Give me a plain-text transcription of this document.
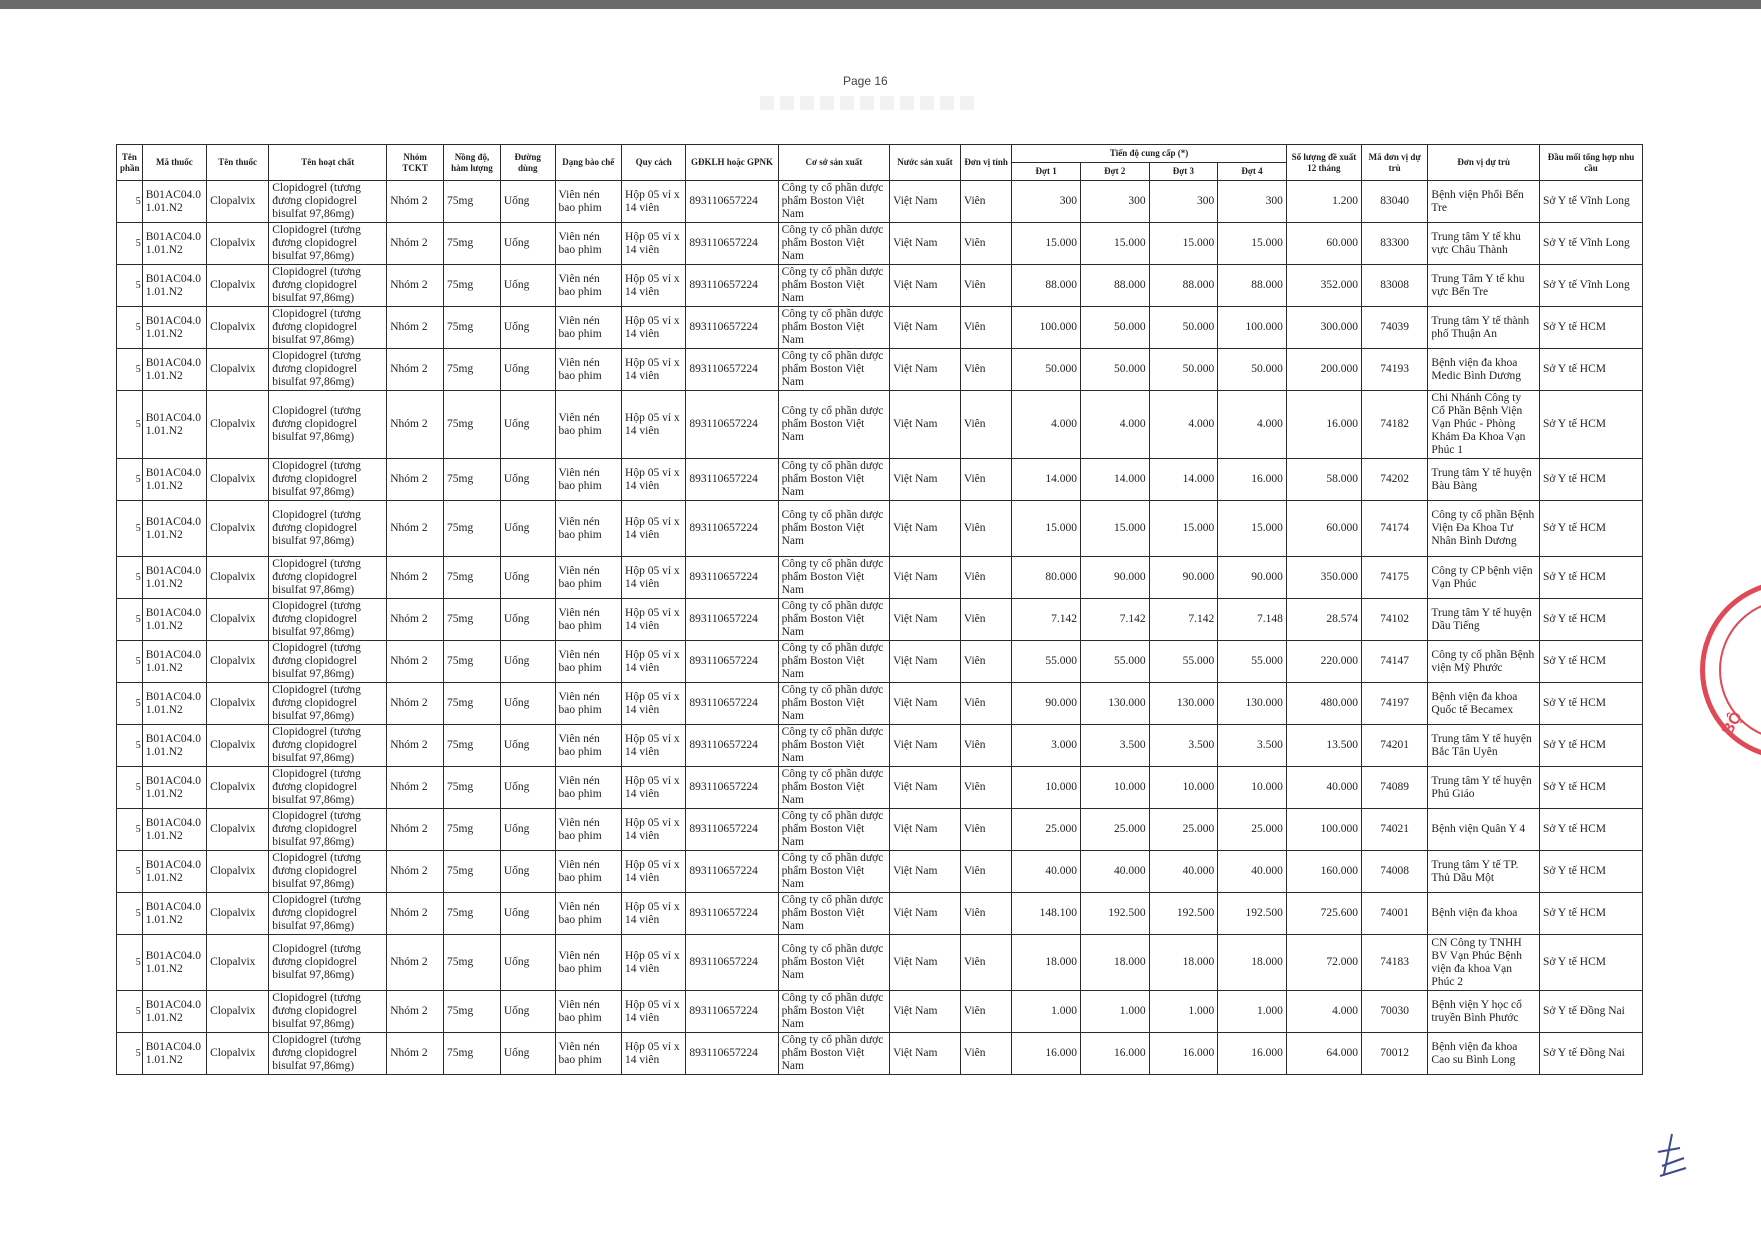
Page 16
Tên phần	Mã thuốc	Tên thuốc	Tên hoạt chất	Nhóm TCKT	Nồng độ, hàm lượng	Đường dùng	Dạng bào chế	Quy cách	GĐKLH hoặc GPNK	Cơ sở sản xuất	Nước sản xuất	Đơn vị tính	Tiến độ cung cấp (*)				Số lượng đề xuất 12 tháng	Mã đơn vị dự trù	Đơn vị dự trù	Đầu mối tổng hợp nhu cầu
													Đợt 1	Đợt 2	Đợt 3	Đợt 4				
5	B01AC04.0 1.01.N2	Clopalvix	Clopidogrel (tương đương clopidogrel bisulfat 97,86mg)	Nhóm 2	75mg	Uống	Viên nén bao phim	Hộp 05 vỉ x 14 viên	893110657224	Công ty cổ phần dược phẩm Boston Việt Nam	Việt Nam	Viên	300	300	300	300	1.200	83040	Bệnh viện Phổi Bến Tre	Sở Y tế Vĩnh Long
5	B01AC04.0 1.01.N2	Clopalvix	Clopidogrel (tương đương clopidogrel bisulfat 97,86mg)	Nhóm 2	75mg	Uống	Viên nén bao phim	Hộp 05 vỉ x 14 viên	893110657224	Công ty cổ phần dược phẩm Boston Việt Nam	Việt Nam	Viên	15.000	15.000	15.000	15.000	60.000	83300	Trung tâm Y tế khu vực Châu Thành	Sở Y tế Vĩnh Long
5	B01AC04.0 1.01.N2	Clopalvix	Clopidogrel (tương đương clopidogrel bisulfat 97,86mg)	Nhóm 2	75mg	Uống	Viên nén bao phim	Hộp 05 vỉ x 14 viên	893110657224	Công ty cổ phần dược phẩm Boston Việt Nam	Việt Nam	Viên	88.000	88.000	88.000	88.000	352.000	83008	Trung Tâm Y tế khu vực Bến Tre	Sở Y tế Vĩnh Long
5	B01AC04.0 1.01.N2	Clopalvix	Clopidogrel (tương đương clopidogrel bisulfat 97,86mg)	Nhóm 2	75mg	Uống	Viên nén bao phim	Hộp 05 vỉ x 14 viên	893110657224	Công ty cổ phần dược phẩm Boston Việt Nam	Việt Nam	Viên	100.000	50.000	50.000	100.000	300.000	74039	Trung tâm Y tế thành phố Thuận An	Sở Y tế HCM
5	B01AC04.0 1.01.N2	Clopalvix	Clopidogrel (tương đương clopidogrel bisulfat 97,86mg)	Nhóm 2	75mg	Uống	Viên nén bao phim	Hộp 05 vỉ x 14 viên	893110657224	Công ty cổ phần dược phẩm Boston Việt Nam	Việt Nam	Viên	50.000	50.000	50.000	50.000	200.000	74193	Bệnh viện đa khoa Medic Bình Dương	Sở Y tế HCM
5	B01AC04.0 1.01.N2	Clopalvix	Clopidogrel (tương đương clopidogrel bisulfat 97,86mg)	Nhóm 2	75mg	Uống	Viên nén bao phim	Hộp 05 vỉ x 14 viên	893110657224	Công ty cổ phần dược phẩm Boston Việt Nam	Việt Nam	Viên	4.000	4.000	4.000	4.000	16.000	74182	Chi Nhánh Công ty Cổ Phần Bệnh Viện Vạn Phúc - Phòng Khám Đa Khoa Vạn Phúc 1	Sở Y tế HCM
5	B01AC04.0 1.01.N2	Clopalvix	Clopidogrel (tương đương clopidogrel bisulfat 97,86mg)	Nhóm 2	75mg	Uống	Viên nén bao phim	Hộp 05 vỉ x 14 viên	893110657224	Công ty cổ phần dược phẩm Boston Việt Nam	Việt Nam	Viên	14.000	14.000	14.000	16.000	58.000	74202	Trung tâm Y tế huyện Bàu Bàng	Sở Y tế HCM
5	B01AC04.0 1.01.N2	Clopalvix	Clopidogrel (tương đương clopidogrel bisulfat 97,86mg)	Nhóm 2	75mg	Uống	Viên nén bao phim	Hộp 05 vỉ x 14 viên	893110657224	Công ty cổ phần dược phẩm Boston Việt Nam	Việt Nam	Viên	15.000	15.000	15.000	15.000	60.000	74174	Công ty cổ phần Bệnh Viện Đa Khoa Tư Nhân Bình Dương	Sở Y tế HCM
5	B01AC04.0 1.01.N2	Clopalvix	Clopidogrel (tương đương clopidogrel bisulfat 97,86mg)	Nhóm 2	75mg	Uống	Viên nén bao phim	Hộp 05 vỉ x 14 viên	893110657224	Công ty cổ phần dược phẩm Boston Việt Nam	Việt Nam	Viên	80.000	90.000	90.000	90.000	350.000	74175	Công ty CP bệnh viện Vạn Phúc	Sở Y tế HCM
5	B01AC04.0 1.01.N2	Clopalvix	Clopidogrel (tương đương clopidogrel bisulfat 97,86mg)	Nhóm 2	75mg	Uống	Viên nén bao phim	Hộp 05 vỉ x 14 viên	893110657224	Công ty cổ phần dược phẩm Boston Việt Nam	Việt Nam	Viên	7.142	7.142	7.142	7.148	28.574	74102	Trung tâm Y tế huyện Dầu Tiếng	Sở Y tế HCM
5	B01AC04.0 1.01.N2	Clopalvix	Clopidogrel (tương đương clopidogrel bisulfat 97,86mg)	Nhóm 2	75mg	Uống	Viên nén bao phim	Hộp 05 vỉ x 14 viên	893110657224	Công ty cổ phần dược phẩm Boston Việt Nam	Việt Nam	Viên	55.000	55.000	55.000	55.000	220.000	74147	Công ty cổ phần Bệnh viện Mỹ Phước	Sở Y tế HCM
5	B01AC04.0 1.01.N2	Clopalvix	Clopidogrel (tương đương clopidogrel bisulfat 97,86mg)	Nhóm 2	75mg	Uống	Viên nén bao phim	Hộp 05 vỉ x 14 viên	893110657224	Công ty cổ phần dược phẩm Boston Việt Nam	Việt Nam	Viên	90.000	130.000	130.000	130.000	480.000	74197	Bệnh viện đa khoa Quốc tế Becamex	Sở Y tế HCM
5	B01AC04.0 1.01.N2	Clopalvix	Clopidogrel (tương đương clopidogrel bisulfat 97,86mg)	Nhóm 2	75mg	Uống	Viên nén bao phim	Hộp 05 vỉ x 14 viên	893110657224	Công ty cổ phần dược phẩm Boston Việt Nam	Việt Nam	Viên	3.000	3.500	3.500	3.500	13.500	74201	Trung tâm Y tế huyện Bắc Tân Uyên	Sở Y tế HCM
5	B01AC04.0 1.01.N2	Clopalvix	Clopidogrel (tương đương clopidogrel bisulfat 97,86mg)	Nhóm 2	75mg	Uống	Viên nén bao phim	Hộp 05 vỉ x 14 viên	893110657224	Công ty cổ phần dược phẩm Boston Việt Nam	Việt Nam	Viên	10.000	10.000	10.000	10.000	40.000	74089	Trung tâm Y tế huyện Phú Giáo	Sở Y tế HCM
5	B01AC04.0 1.01.N2	Clopalvix	Clopidogrel (tương đương clopidogrel bisulfat 97,86mg)	Nhóm 2	75mg	Uống	Viên nén bao phim	Hộp 05 vỉ x 14 viên	893110657224	Công ty cổ phần dược phẩm Boston Việt Nam	Việt Nam	Viên	25.000	25.000	25.000	25.000	100.000	74021	Bệnh viện Quân Y 4	Sở Y tế HCM
5	B01AC04.0 1.01.N2	Clopalvix	Clopidogrel (tương đương clopidogrel bisulfat 97,86mg)	Nhóm 2	75mg	Uống	Viên nén bao phim	Hộp 05 vỉ x 14 viên	893110657224	Công ty cổ phần dược phẩm Boston Việt Nam	Việt Nam	Viên	40.000	40.000	40.000	40.000	160.000	74008	Trung tâm Y tế TP. Thủ Dầu Một	Sở Y tế HCM
5	B01AC04.0 1.01.N2	Clopalvix	Clopidogrel (tương đương clopidogrel bisulfat 97,86mg)	Nhóm 2	75mg	Uống	Viên nén bao phim	Hộp 05 vỉ x 14 viên	893110657224	Công ty cổ phần dược phẩm Boston Việt Nam	Việt Nam	Viên	148.100	192.500	192.500	192.500	725.600	74001	Bệnh viện đa khoa	Sở Y tế HCM
5	B01AC04.0 1.01.N2	Clopalvix	Clopidogrel (tương đương clopidogrel bisulfat 97,86mg)	Nhóm 2	75mg	Uống	Viên nén bao phim	Hộp 05 vỉ x 14 viên	893110657224	Công ty cổ phần dược phẩm Boston Việt Nam	Việt Nam	Viên	18.000	18.000	18.000	18.000	72.000	74183	CN Công ty TNHH BV Vạn Phúc Bệnh viện đa khoa Vạn Phúc 2	Sở Y tế HCM
5	B01AC04.0 1.01.N2	Clopalvix	Clopidogrel (tương đương clopidogrel bisulfat 97,86mg)	Nhóm 2	75mg	Uống	Viên nén bao phim	Hộp 05 vỉ x 14 viên	893110657224	Công ty cổ phần dược phẩm Boston Việt Nam	Việt Nam	Viên	1.000	1.000	1.000	1.000	4.000	70030	Bệnh viện Y học cổ truyền Bình Phước	Sở Y tế Đồng Nai
5	B01AC04.0 1.01.N2	Clopalvix	Clopidogrel (tương đương clopidogrel bisulfat 97,86mg)	Nhóm 2	75mg	Uống	Viên nén bao phim	Hộp 05 vỉ x 14 viên	893110657224	Công ty cổ phần dược phẩm Boston Việt Nam	Việt Nam	Viên	16.000	16.000	16.000	16.000	64.000	70012	Bệnh viện đa khoa Cao su Bình Long	Sở Y tế Đồng Nai
BỘ
